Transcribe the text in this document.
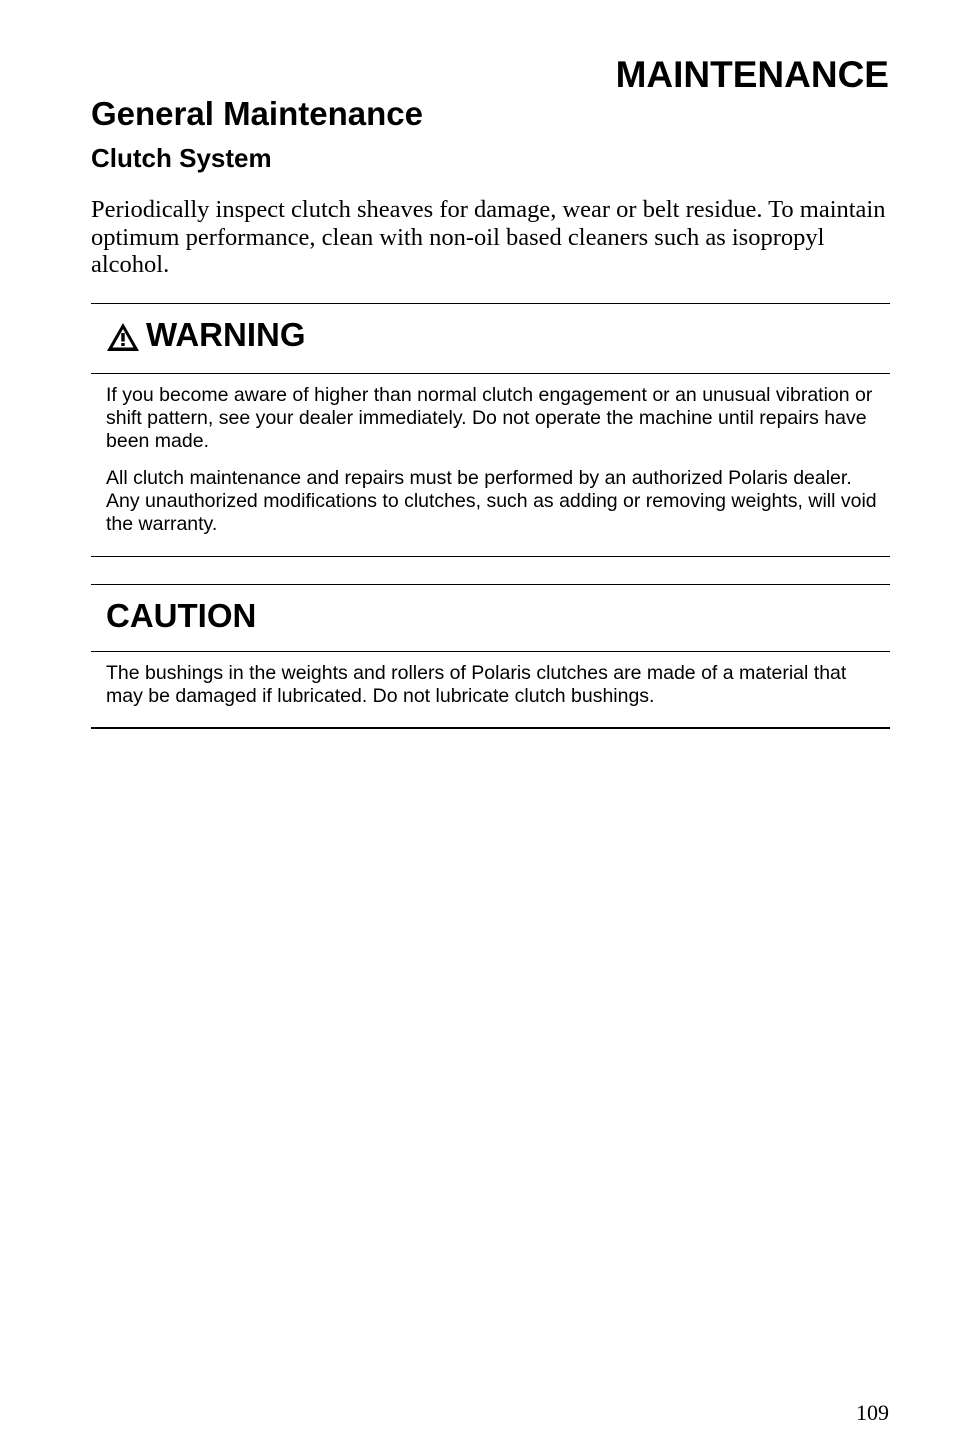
MAINTENANCE
General Maintenance
Clutch System

Periodically inspect clutch sheaves for damage, wear or belt residue. To maintain optimum performance, clean with non-oil based cleaners such as isopropyl alcohol.

WARNING

If you become aware of higher than normal clutch engagement or an unusual vibration or shift pattern, see your dealer immediately. Do not operate the machine until repairs have been made.

All clutch maintenance and repairs must be performed by an authorized Polaris dealer. Any unauthorized modifications to clutches, such as adding or removing weights, will void the warranty.

CAUTION

The bushings in the weights and rollers of Polaris clutches are made of a material that may be damaged if lubricated. Do not lubricate clutch bushings.

109
